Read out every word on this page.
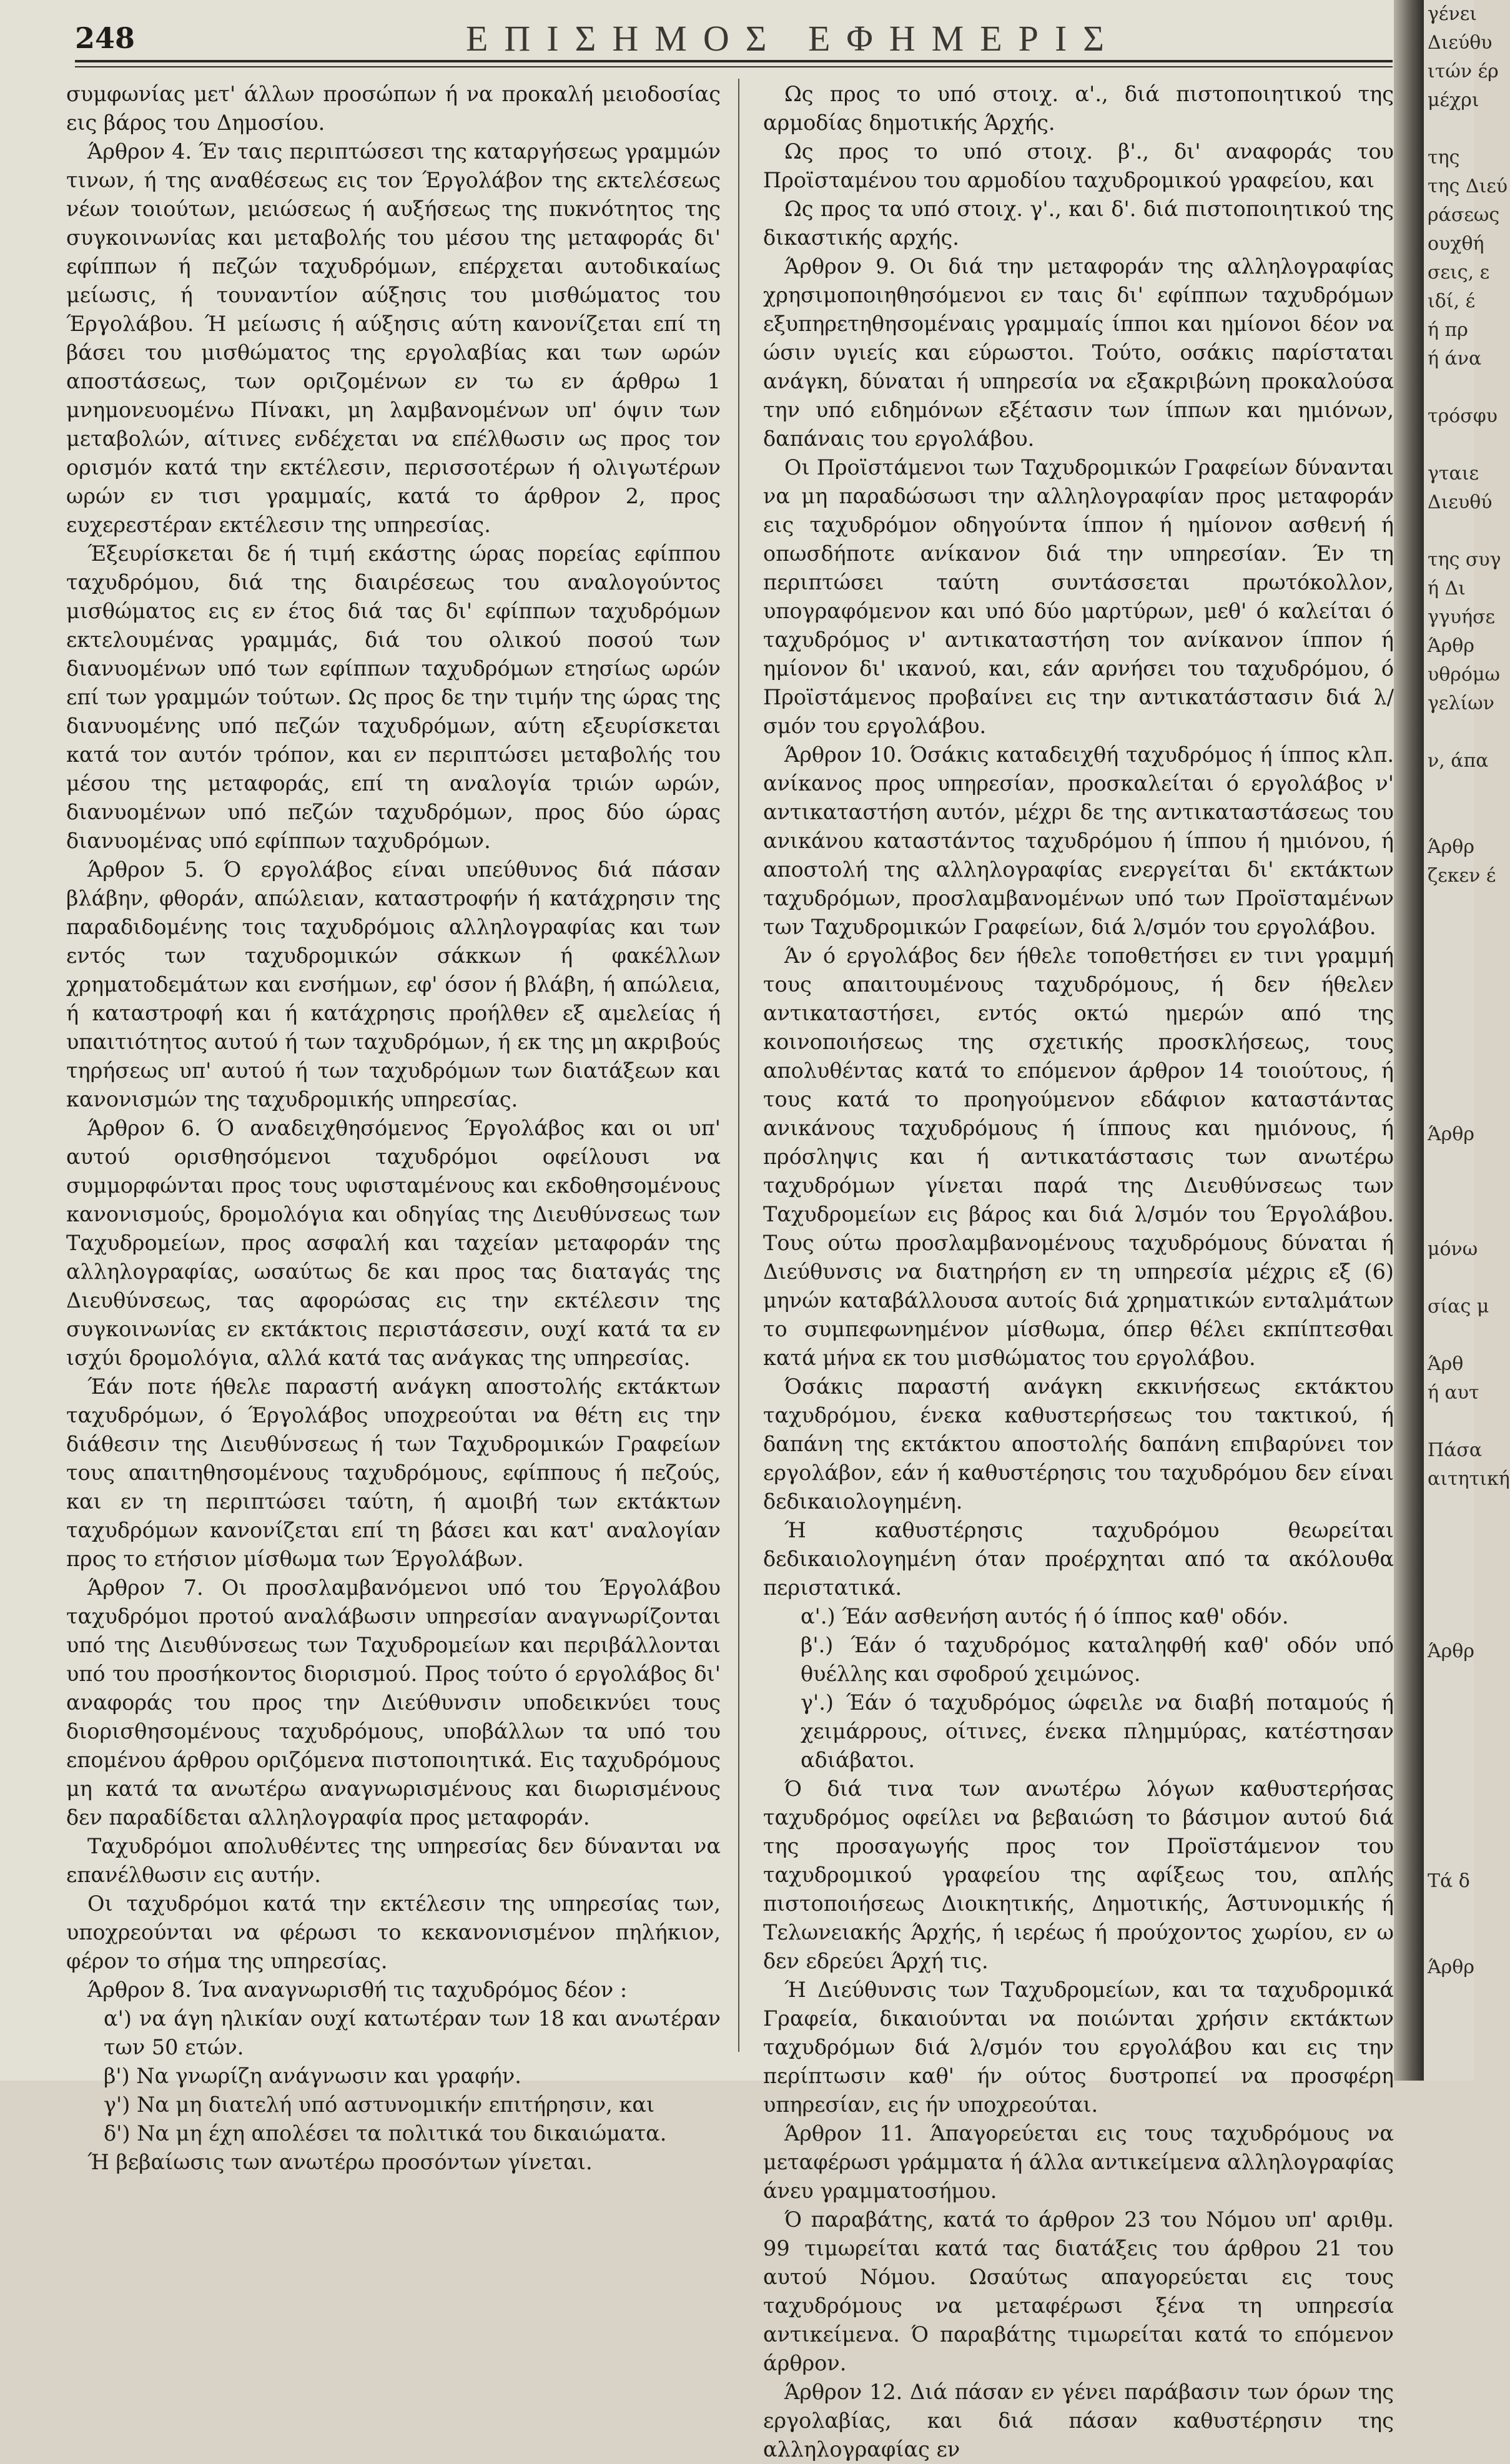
248	ΕΠΙΣΗΜΟΣ ΕΦΗΜΕΡΙΣ

συμφωνίας μετ' άλλων προσώπων ή να προκαλή μειοδοσίας εις βάρος του Δημοσίου.

Άρθρον 4. Έν ταις περιπτώσεσι της καταργήσεως γραμμών τινων, ή της αναθέσεως εις τον Έργολάβον της εκτελέσεως νέων τοιούτων, μειώσεως ή αυξήσεως της πυκνότητος της συγκοινωνίας και μεταβολής του μέσου της μεταφοράς δι' εφίππων ή πεζών ταχυδρόμων, επέρχεται αυτοδικαίως μείωσις, ή τουναντίον αύξησις του μισθώματος του Έργολάβου. Ή μείωσις ή αύξησις αύτη κανονίζεται επί τη βάσει του μισθώματος της εργολαβίας και των ωρών αποστάσεως, των οριζομένων εν τω εν άρθρω 1 μνημονευομένω Πίνακι, μη λαμβανομένων υπ' όψιν των μεταβολών, αίτινες ενδέχεται να επέλθωσιν ως προς τον ορισμόν κατά την εκτέλεσιν, περισσοτέρων ή ολιγωτέρων ωρών εν τισι γραμμαίς, κατά το άρθρον 2, προς ευχερεστέραν εκτέλεσιν της υπηρεσίας.

Έξευρίσκεται δε ή τιμή εκάστης ώρας πορείας εφίππου ταχυδρόμου, διά της διαιρέσεως του αναλογούντος μισθώματος εις εν έτος διά τας δι' εφίππων ταχυδρόμων εκτελουμένας γραμμάς, διά του ολικού ποσού των διανυομένων υπό των εφίππων ταχυδρόμων ετησίως ωρών επί των γραμμών τούτων. Ως προς δε την τιμήν της ώρας της διανυομένης υπό πεζών ταχυδρόμων, αύτη εξευρίσκεται κατά τον αυτόν τρόπον, και εν περιπτώσει μεταβολής του μέσου της μεταφοράς, επί τη αναλογία τριών ωρών, διανυομένων υπό πεζών ταχυδρόμων, προς δύο ώρας διανυομένας υπό εφίππων ταχυδρόμων.

Άρθρον 5. Ό εργολάβος είναι υπεύθυνος διά πάσαν βλάβην, φθοράν, απώλειαν, καταστροφήν ή κατάχρησιν της παραδιδομένης τοις ταχυδρόμοις αλληλογραφίας και των εντός των ταχυδρομικών σάκκων ή φακέλλων χρηματοδεμάτων και ενσήμων, εφ' όσον ή βλάβη, ή απώλεια, ή καταστροφή και ή κατάχρησις προήλθεν εξ αμελείας ή υπαιτιότητος αυτού ή των ταχυδρόμων, ή εκ της μη ακριβούς τηρήσεως υπ' αυτού ή των ταχυδρόμων των διατάξεων και κανονισμών της ταχυδρομικής υπηρεσίας.

Άρθρον 6. Ό αναδειχθησόμενος Έργολάβος και οι υπ' αυτού ορισθησόμενοι ταχυδρόμοι οφείλουσι να συμμορφώνται προς τους υφισταμένους και εκδοθησομένους κανονισμούς, δρομολόγια και οδηγίας της Διευθύνσεως των Ταχυδρομείων, προς ασφαλή και ταχείαν μεταφοράν της αλληλογραφίας, ωσαύτως δε και προς τας διαταγάς της Διευθύνσεως, τας αφορώσας εις την εκτέλεσιν της συγκοινωνίας εν εκτάκτοις περιστάσεσιν, ουχί κατά τα εν ισχύι δρομολόγια, αλλά κατά τας ανάγκας της υπηρεσίας.

Έάν ποτε ήθελε παραστή ανάγκη αποστολής εκτάκτων ταχυδρόμων, ό Έργολάβος υποχρεούται να θέτη εις την διάθεσιν της Διευθύνσεως ή των Ταχυδρομικών Γραφείων τους απαιτηθησομένους ταχυδρόμους, εφίππους ή πεζούς, και εν τη περιπτώσει ταύτη, ή αμοιβή των εκτάκτων ταχυδρόμων κανονίζεται επί τη βάσει και κατ' αναλογίαν προς το ετήσιον μίσθωμα των Έργολάβων.

Άρθρον 7. Οι προσλαμβανόμενοι υπό του Έργολάβου ταχυδρόμοι προτού αναλάβωσιν υπηρεσίαν αναγνωρίζονται υπό της Διευθύνσεως των Ταχυδρομείων και περιβάλλονται υπό του προσήκοντος διορισμού. Προς τούτο ό εργολάβος δι' αναφοράς του προς την Διεύθυνσιν υποδεικνύει τους διορισθησομένους ταχυδρόμους, υποβάλλων τα υπό του επομένου άρθρου οριζόμενα πιστοποιητικά. Εις ταχυδρόμους μη κατά τα ανωτέρω αναγνωρισμένους και διωρισμένους δεν παραδίδεται αλληλογραφία προς μεταφοράν.

Ταχυδρόμοι απολυθέντες της υπηρεσίας δεν δύνανται να επανέλθωσιν εις αυτήν.

Οι ταχυδρόμοι κατά την εκτέλεσιν της υπηρεσίας των, υποχρεούνται να φέρωσι το κεκανονισμένον πηλήκιον, φέρον το σήμα της υπηρεσίας.

Άρθρον 8. Ίνα αναγνωρισθή τις ταχυδρόμος δέον :

α') να άγη ηλικίαν ουχί κατωτέραν των 18 και ανωτέραν των 50 ετών.

β') Να γνωρίζη ανάγνωσιν και γραφήν.

γ') Να μη διατελή υπό αστυνομικήν επιτήρησιν, και

δ') Να μη έχη απολέσει τα πολιτικά του δικαιώματα.

Ή βεβαίωσις των ανωτέρω προσόντων γίνεται.

Ως προς το υπό στοιχ. α'., διά πιστοποιητικού της αρμοδίας δημοτικής Άρχής.

Ως προς το υπό στοιχ. β'., δι' αναφοράς του Προϊσταμένου του αρμοδίου ταχυδρομικού γραφείου, και

Ως προς τα υπό στοιχ. γ'., και δ'. διά πιστοποιητικού της δικαστικής αρχής.

Άρθρον 9. Οι διά την μεταφοράν της αλληλογραφίας χρησιμοποιηθησόμενοι εν ταις δι' εφίππων ταχυδρόμων εξυπηρετηθησομέναις γραμμαίς ίπποι και ημίονοι δέον να ώσιν υγιείς και εύρωστοι. Τούτο, οσάκις παρίσταται ανάγκη, δύναται ή υπηρεσία να εξακριβώνη προκαλούσα την υπό ειδημόνων εξέτασιν των ίππων και ημιόνων, δαπάναις του εργολάβου.

Οι Προϊστάμενοι των Ταχυδρομικών Γραφείων δύνανται να μη παραδώσωσι την αλληλογραφίαν προς μεταφοράν εις ταχυδρόμον οδηγούντα ίππον ή ημίονον ασθενή ή οπωσδήποτε ανίκανον διά την υπηρεσίαν. Έν τη περιπτώσει ταύτη συντάσσεται πρωτόκολλον, υπογραφόμενον και υπό δύο μαρτύρων, μεθ' ό καλείται ό ταχυδρόμος ν' αντικαταστήση τον ανίκανον ίππον ή ημίονον δι' ικανού, και, εάν αρνήσει του ταχυδρόμου, ό Προϊστάμενος προβαίνει εις την αντικατάστασιν διά λ/σμόν του εργολάβου.

Άρθρον 10. Όσάκις καταδειχθή ταχυδρόμος ή ίππος κλπ. ανίκανος προς υπηρεσίαν, προσκαλείται ό εργολάβος ν' αντικαταστήση αυτόν, μέχρι δε της αντικαταστάσεως του ανικάνου καταστάντος ταχυδρόμου ή ίππου ή ημιόνου, ή αποστολή της αλληλογραφίας ενεργείται δι' εκτάκτων ταχυδρόμων, προσλαμβανομένων υπό των Προϊσταμένων των Ταχυδρομικών Γραφείων, διά λ/σμόν του εργολάβου.

Άν ό εργολάβος δεν ήθελε τοποθετήσει εν τινι γραμμή τους απαιτουμένους ταχυδρόμους, ή δεν ήθελεν αντικαταστήσει, εντός οκτώ ημερών από της κοινοποιήσεως της σχετικής προσκλήσεως, τους απολυθέντας κατά το επόμενον άρθρον 14 τοιούτους, ή τους κατά το προηγούμενον εδάφιον καταστάντας ανικάνους ταχυδρόμους ή ίππους και ημιόνους, ή πρόσληψις και ή αντικατάστασις των ανωτέρω ταχυδρόμων γίνεται παρά της Διευθύνσεως των Ταχυδρομείων εις βάρος και διά λ/σμόν του Έργολάβου. Τους ούτω προσλαμβανομένους ταχυδρόμους δύναται ή Διεύθυνσις να διατηρήση εν τη υπηρεσία μέχρις εξ (6) μηνών καταβάλλουσα αυτοίς διά χρηματικών ενταλμάτων το συμπεφωνημένον μίσθωμα, όπερ θέλει εκπίπτεσθαι κατά μήνα εκ του μισθώματος του εργολάβου.

Όσάκις παραστή ανάγκη εκκινήσεως εκτάκτου ταχυδρόμου, ένεκα καθυστερήσεως του τακτικού, ή δαπάνη της εκτάκτου αποστολής δαπάνη επιβαρύνει τον εργολάβον, εάν ή καθυστέρησις του ταχυδρόμου δεν είναι δεδικαιολογημένη.

Ή καθυστέρησις ταχυδρόμου θεωρείται δεδικαιολογημένη όταν προέρχηται από τα ακόλουθα περιστατικά.

α'.) Έάν ασθενήση αυτός ή ό ίππος καθ' οδόν.

β'.) Έάν ό ταχυδρόμος καταληφθή καθ' οδόν υπό θυέλλης και σφοδρού χειμώνος.

γ'.) Έάν ό ταχυδρόμος ώφειλε να διαβή ποταμούς ή χειμάρρους, οίτινες, ένεκα πλημμύρας, κατέστησαν αδιάβατοι.

Ό διά τινα των ανωτέρω λόγων καθυστερήσας ταχυδρόμος οφείλει να βεβαιώση το βάσιμον αυτού διά της προσαγωγής προς τον Προϊστάμενον του ταχυδρομικού γραφείου της αφίξεως του, απλής πιστοποιήσεως Διοικητικής, Δημοτικής, Άστυνομικής ή Τελωνειακής Άρχής, ή ιερέως ή προύχοντος χωρίου, εν ω δεν εδρεύει Άρχή τις.

Ή Διεύθυνσις των Ταχυδρομείων, και τα ταχυδρομικά Γραφεία, δικαιούνται να ποιώνται χρήσιν εκτάκτων ταχυδρόμων διά λ/σμόν του εργολάβου και εις την περίπτωσιν καθ' ήν ούτος δυστροπεί να προσφέρη υπηρεσίαν, εις ήν υποχρεούται.

Άρθρον 11. Άπαγορεύεται εις τους ταχυδρόμους να μεταφέρωσι γράμματα ή άλλα αντικείμενα αλληλογραφίας άνευ γραμματοσήμου.

Ό παραβάτης, κατά το άρθρον 23 του Νόμου υπ' αριθμ. 99 τιμωρείται κατά τας διατάξεις του άρθρου 21 του αυτού Νόμου. Ωσαύτως απαγορεύεται εις τους ταχυδρόμους να μεταφέρωσι ξένα τη υπηρεσία αντικείμενα. Ό παραβάτης τιμωρείται κατά το επόμενον άρθρον.

Άρθρον 12. Διά πάσαν εν γένει παράβασιν των όρων της εργολαβίας, και διά πάσαν καθυστέρησιν της αλληλογραφίας εν

γένει
Διεύθυ
ιτών έρ
μέχρι

της
της Διεύ
ράσεως
ουχθή
σεις, ε
ιδί, έ
ή πρ
ή άνα

τρόσφυ

γταιε
Διευθύ

της συγ
ή Δι
γγυήσε
Άρθρ
υθρόμω
γελίων

ν, άπα

Άρθρ
ζεκεν έ

Άρθρ

μόνω

σίας μ

Άρθ
ή αυτ

Πάσα
αιτητική

Άρθρ

Τά δ

Άρθρ
